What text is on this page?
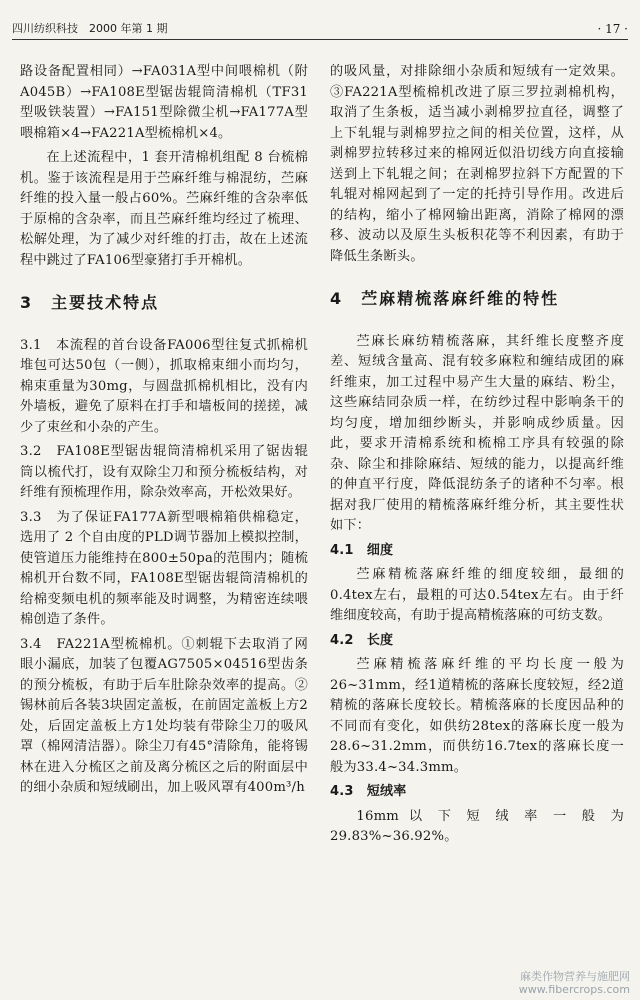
四川纺织科技　2000 年第 1 期	· 17 ·

路设备配置相同）→FA031A型中间喂棉机（附A045B）→FA108E型锯齿辊筒清棉机（TF31型吸铁装置）→FA151型除微尘机→FA177A型喂棉箱×4→FA221A型梳棉机×4。

在上述流程中，1 套开清棉机组配 8 台梳棉机。鉴于该流程是用于苎麻纤维与棉混纺，苎麻纤维的投入量一般占60%。苎麻纤维的含杂率低于原棉的含杂率，而且苎麻纤维均经过了梳理、松解处理，为了减少对纤维的打击，故在上述流程中跳过了FA106型豪猪打手开棉机。

3　主要技术特点

3.1　本流程的首台设备FA006型往复式抓棉机堆包可达50包（一侧），抓取棉束细小而均匀，棉束重量为30mg，与圆盘抓棉机相比，没有内外墙板，避免了原料在打手和墙板间的搓搓，减少了束丝和小杂的产生。

3.2　FA108E型锯齿辊筒清棉机采用了锯齿辊筒以梳代打，设有双除尘刀和预分梳板结构，对纤维有预梳理作用，除杂效率高，开松效果好。

3.3　为了保证FA177A新型喂棉箱供棉稳定，选用了 2 个自由度的PLD调节器加上模拟控制，使管道压力能维持在800±50pa的范围内；随梳棉机开台数不同，FA108E型锯齿辊筒清棉机的给棉变频电机的频率能及时调整，为精密连续喂棉创造了条件。

3.4　FA221A型梳棉机。①刺辊下去取消了网眼小漏底，加装了包覆AG7505×04516型齿条的预分梳板，有助于后车肚除杂效率的提高。②锡林前后各装3块固定盖板，在前固定盖板上方2处，后固定盖板上方1处均装有带除尘刀的吸风罩（棉网清洁器）。除尘刀有45°清除角，能将锡林在进入分梳区之前及离分梳区之后的附面层中的细小杂质和短绒刷出，加上吸风罩有400m³/h

的吸风量，对排除细小杂质和短绒有一定效果。③FA221A型梳棉机改进了原三罗拉剥棉机构，取消了生条板，适当减小剥棉罗拉直径，调整了上下轧辊与剥棉罗拉之间的相关位置，这样，从剥棉罗拉转移过来的棉网近似沿切线方向直接输送到上下轧辊之间；在剥棉罗拉斜下方配置的下轧辊对棉网起到了一定的托持引导作用。改进后的结构，缩小了棉网输出距离，消除了棉网的漂移、波动以及原生头板积花等不利因素，有助于降低生条断头。

4　苎麻精梳落麻纤维的特性

苎麻长麻纺精梳落麻，其纤维长度整齐度差、短绒含量高、混有较多麻粒和缠结成团的麻纤维束，加工过程中易产生大量的麻结、粉尘，这些麻结同杂质一样，在纺纱过程中影响条干的均匀度，增加细纱断头，并影响成纱质量。因此，要求开清棉系统和梳棉工序具有较强的除杂、除尘和排除麻结、短绒的能力，以提高纤维的伸直平行度，降低混纺条子的诸种不匀率。根据对我厂使用的精梳落麻纤维分析，其主要性状如下：

4.1　细度

苎麻精梳落麻纤维的细度较细，最细的0.4tex左右，最粗的可达0.54tex左右。由于纤维细度较高，有助于提高精梳落麻的可纺支数。

4.2　长度

苎麻精梳落麻纤维的平均长度一般为26~31mm，经1道精梳的落麻长度较短，经2道精梳的落麻长度较长。精梳落麻的长度因品种的不同而有变化，如供纺28tex的落麻长度一般为28.6~31.2mm，而供纺16.7tex的落麻长度一般为33.4~34.3mm。

4.3　短绒率

16mm 以 下 短 绒 率 一 般 为 29.83%~36.92%。

麻类作物营养与施肥网
www.fibercrops.com
